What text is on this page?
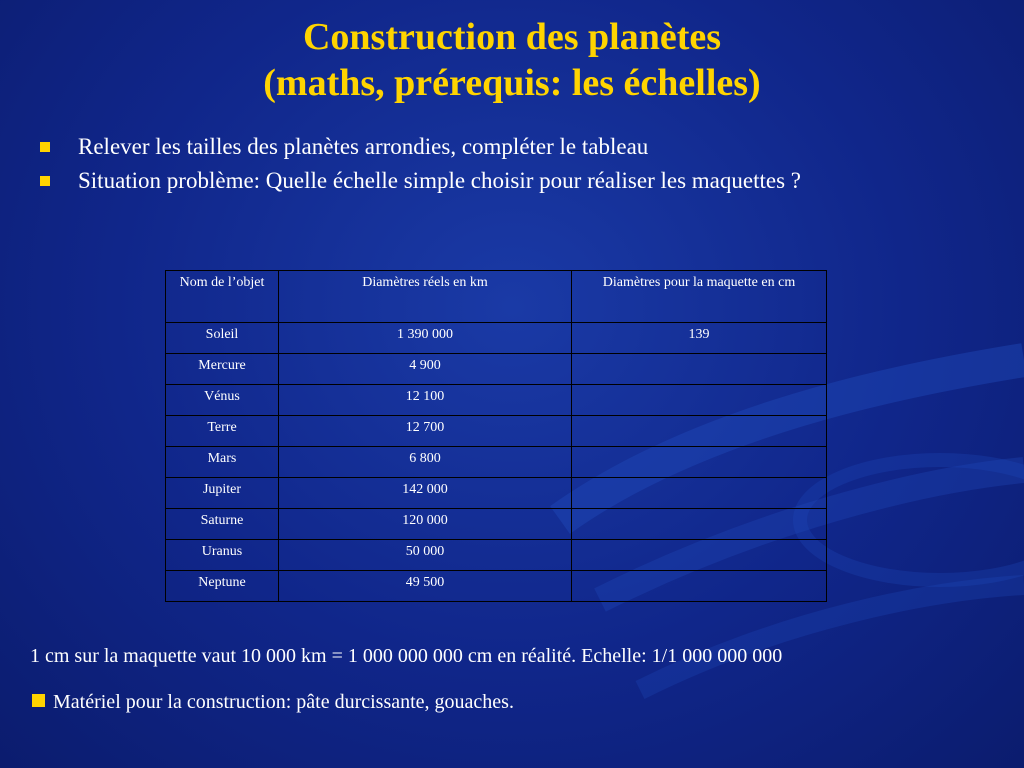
Construction des planètes
(maths, prérequis: les échelles)
Relever les tailles des planètes arrondies, compléter le tableau
Situation problème: Quelle échelle simple choisir pour réaliser les maquettes ?
Nom de l’objet	Diamètres réels en km	Diamètres pour la maquette en cm
Soleil	1 390 000	139
Mercure	4 900	
Vénus	12 100	
Terre	12 700	
Mars	6 800	
Jupiter	142 000	
Saturne	120 000	
Uranus	50 000	
Neptune	49 500	
1 cm sur la maquette vaut 10 000 km = 1 000 000 000 cm en réalité. Echelle: 1/1 000 000 000
Matériel pour la construction: pâte durcissante, gouaches.
